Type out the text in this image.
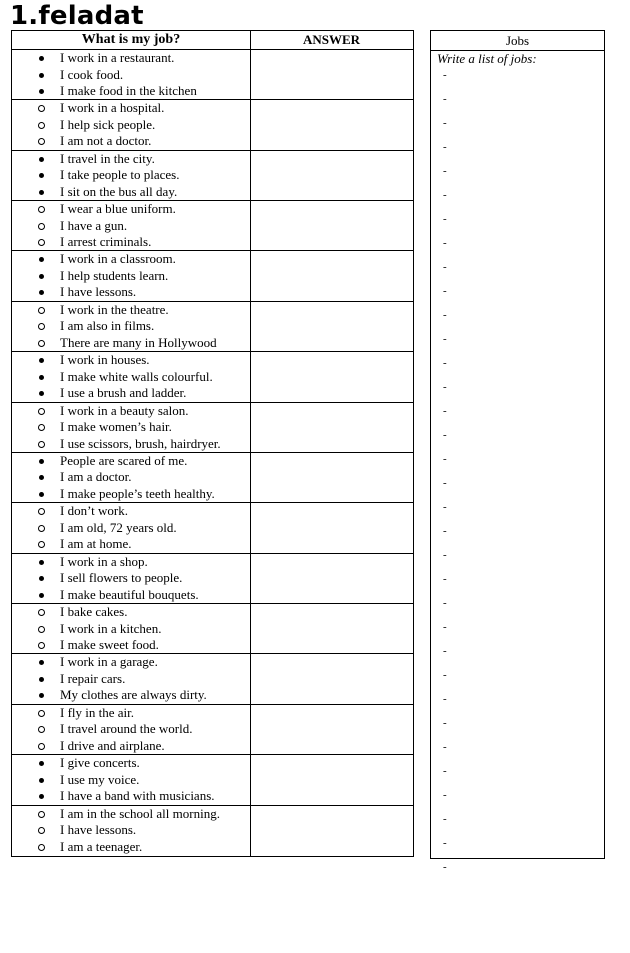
1.feladat
What is my job?	ANSWER
I work in a restaurant.
I cook food.
I make food in the kitchen
I work in a hospital.
I help sick people.
I am not a doctor.
I travel in the city.
I take people to places.
I sit on the bus all day.
I wear a blue uniform.
I have a gun.
I arrest criminals.
I work in a classroom.
I help students learn.
I have lessons.
I work in the theatre.
I am also in films.
There are many in Hollywood
I work in houses.
I make white walls colourful.
I use a brush and ladder.
I work in a beauty salon.
I make women’s hair.
I use scissors, brush, hairdryer.
People are scared of me.
I am a doctor.
I make people’s teeth healthy.
I don’t work.
I am old, 72 years old.
I am at home.
I work in a shop.
I sell flowers to people.
I make beautiful bouquets.
I bake cakes.
I work in a kitchen.
I make sweet food.
I work in a garage.
I repair cars.
My clothes are always dirty.
I fly in the air.
I travel around the world.
I drive and airplane.
I give concerts.
I use my voice.
I have a band with musicians.
I am in the school all morning.
I have lessons.
I am a teenager.
Jobs
Write a list of jobs:
-
-
-
-
-
-
-
-
-
-
-
-
-
-
-
-
-
-
-
-
-
-
-
-
-
-
-
-
-
-
-
-
-
-
